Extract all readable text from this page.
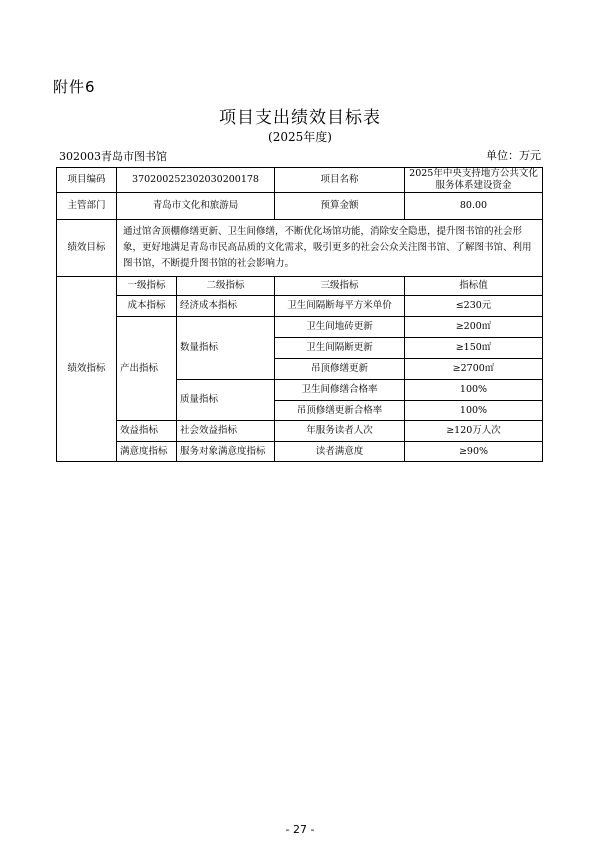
附件6
项目支出绩效目标表
(2025年度)
302003青岛市图书馆	单位：万元
项目编码	37020025230203020017​8		项目名称	2025年中央支持地方公共文化服务体系建设资金
主管部门	青岛市文化和旅游局		预算金额	80.00
绩效目标	通过馆舍顶棚修缮更新、卫生间修缮，不断优化场馆功能，消除安全隐患，提升图书馆的社会形象，更好地满足青岛市民高品质的文化需求，吸引更多的社会公众关注图书馆、了解图书馆、利用图书馆，不断提升图书馆的社会影响力。			
绩效指标	一级指标	二级指标	三级指标	指标值
	成本指标	经济成本指标	卫生间隔断每平方米单价	≤230元
	产出指标	数量指标	卫生间地砖更新	≥200㎡
			卫生间隔断更新	≥150㎡
			吊顶修缮更新	≥2700㎡
		质量指标	卫生间修缮合格率	100%
			吊顶修缮更新合格率	100%
	效益指标	社会效益指标	年服务读者人次	≥120万人次
	满意度指标	服务对象满意度指标	读者满意度	≥90%
- 27 -
